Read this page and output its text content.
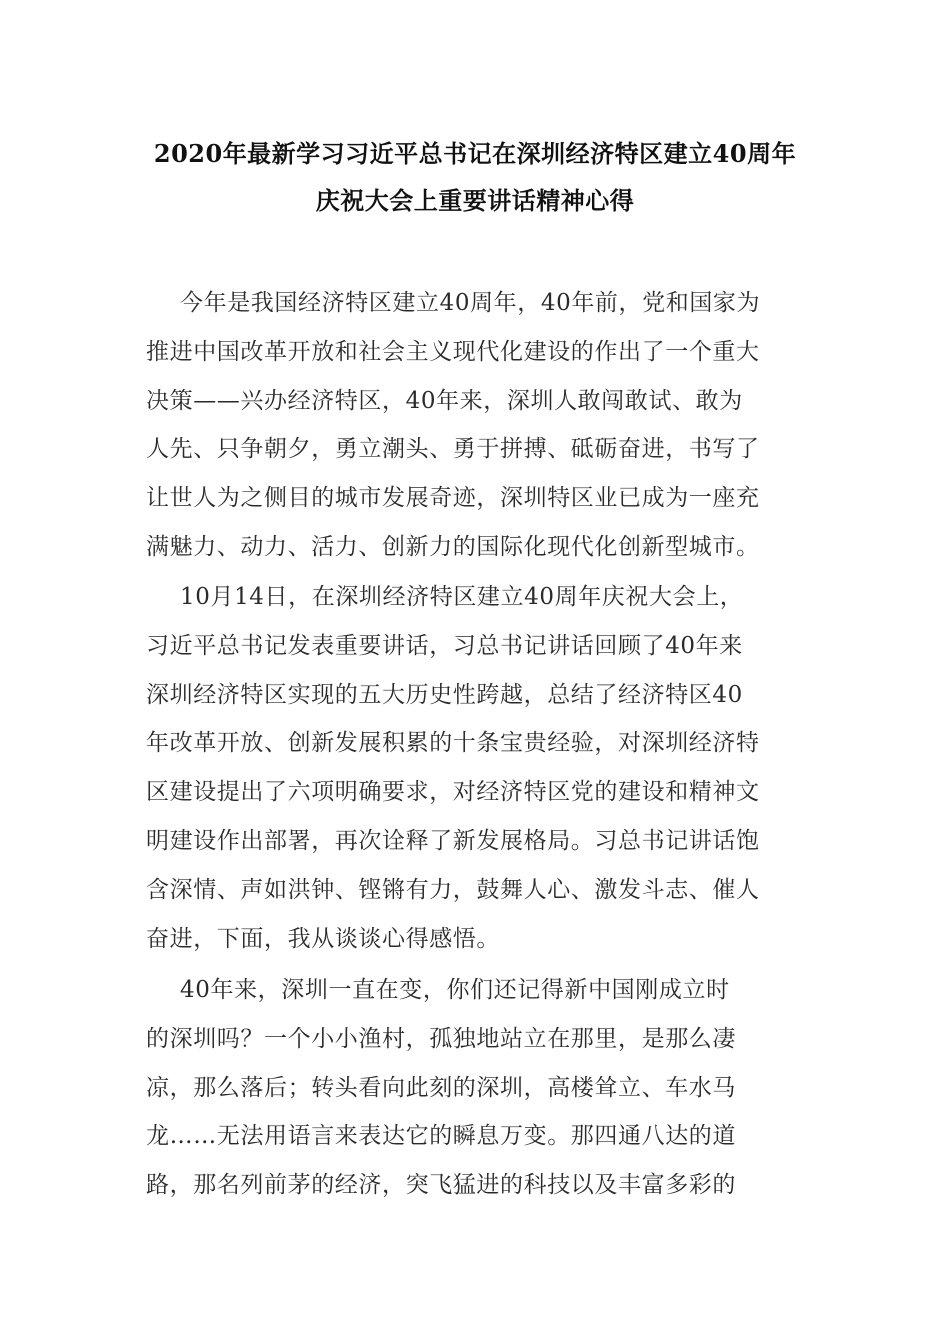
2020年最新学习习近平总书记在深圳经济特区建立40周年
庆祝大会上重要讲话精神心得
今年是我国经济特区建立40周年，40年前，党和国家为
推进中国改革开放和社会主义现代化建设的作出了一个重大
决策——兴办经济特区，40年来，深圳人敢闯敢试、敢为
人先、只争朝夕，勇立潮头、勇于拼搏、砥砺奋进，书写了
让世人为之侧目的城市发展奇迹，深圳特区业已成为一座充
满魅力、动力、活力、创新力的国际化现代化创新型城市。
10月14日，在深圳经济特区建立40周年庆祝大会上，
习近平总书记发表重要讲话，习总书记讲话回顾了40年来
深圳经济特区实现的五大历史性跨越，总结了经济特区40
年改革开放、创新发展积累的十条宝贵经验，对深圳经济特
区建设提出了六项明确要求，对经济特区党的建设和精神文
明建设作出部署，再次诠释了新发展格局。习总书记讲话饱
含深情、声如洪钟、铿锵有力，鼓舞人心、激发斗志、催人
奋进，下面，我从谈谈心得感悟。
40年来，深圳一直在变，你们还记得新中国刚成立时
的深圳吗？一个小小渔村，孤独地站立在那里，是那么凄
凉，那么落后；转头看向此刻的深圳，高楼耸立、车水马
龙……无法用语言来表达它的瞬息万变。那四通八达的道
路，那名列前茅的经济，突飞猛进的科技以及丰富多彩的
